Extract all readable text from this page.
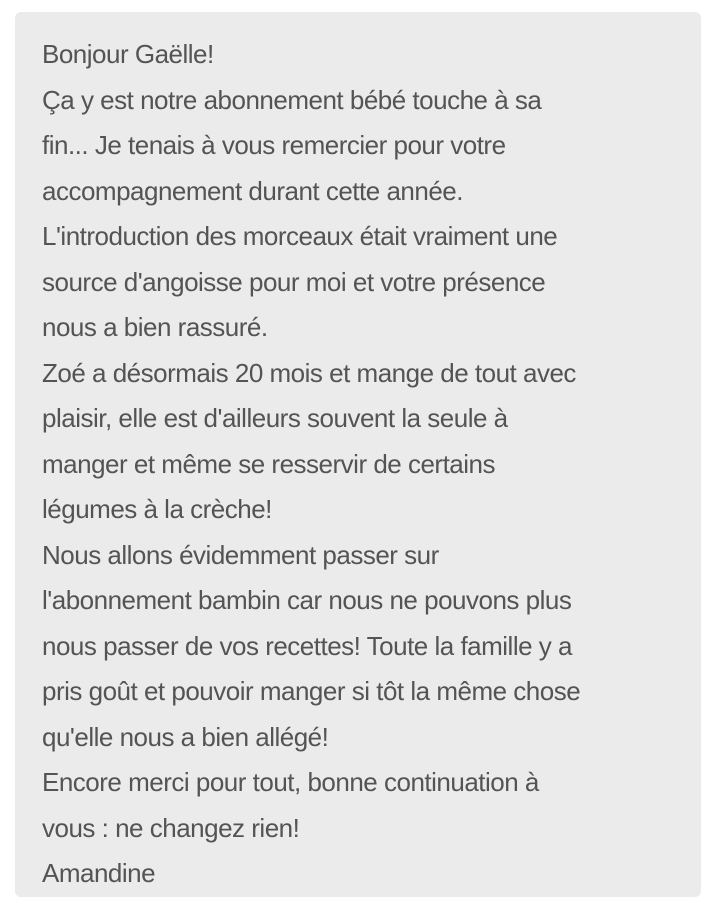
Bonjour Gaëlle!
Ça y est notre abonnement bébé touche à sa
fin... Je tenais à vous remercier pour votre
accompagnement durant cette année.
L'introduction des morceaux était vraiment une
source d'angoisse pour moi et votre présence
nous a bien rassuré.
Zoé a désormais 20 mois et mange de tout avec
plaisir, elle est d'ailleurs souvent la seule à
manger et même se resservir de certains
légumes à la crèche!
Nous allons évidemment passer sur
l'abonnement bambin car nous ne pouvons plus
nous passer de vos recettes! Toute la famille y a
pris goût et pouvoir manger si tôt la même chose
qu'elle nous a bien allégé!
Encore merci pour tout, bonne continuation à
vous : ne changez rien!
Amandine
